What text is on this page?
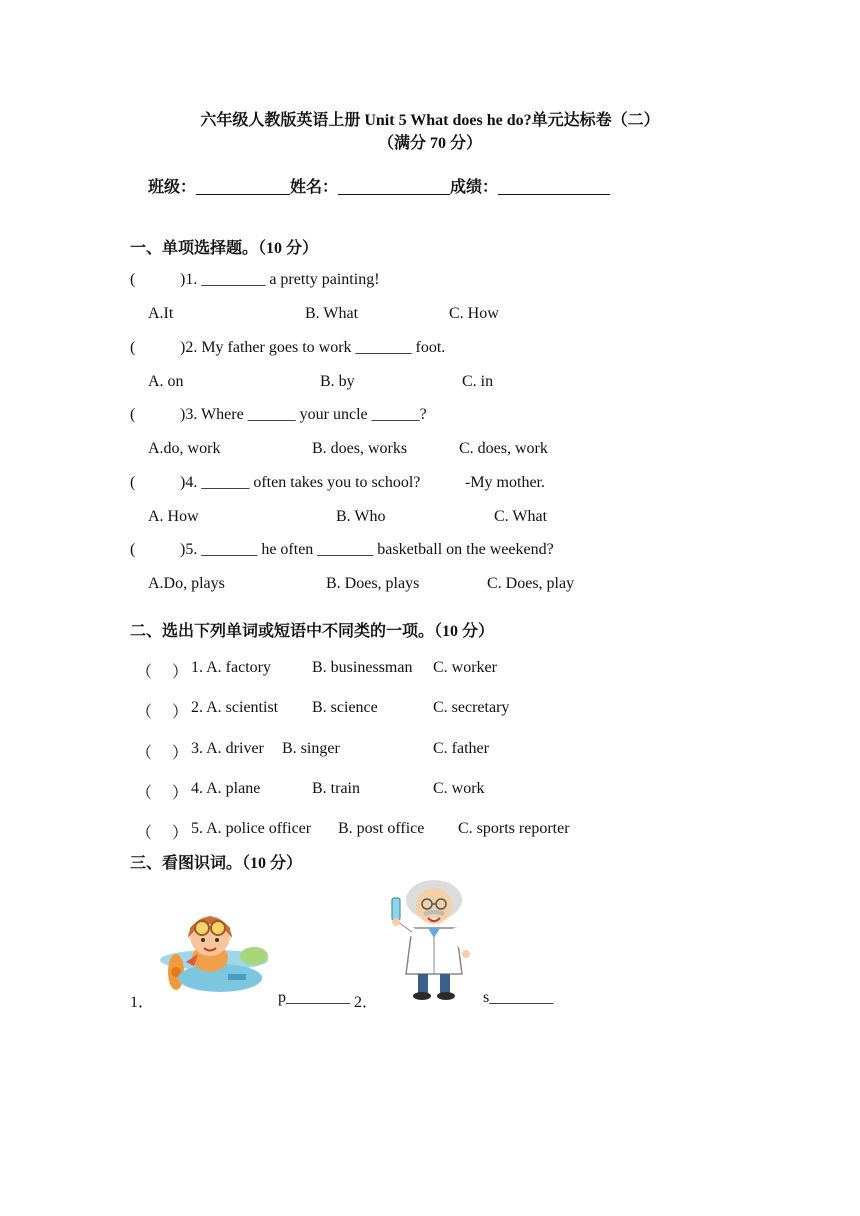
六年级人教版英语上册 Unit 5 What does he do?单元达标卷（二）
（满分 70 分）
班级：	姓名：	成绩：
一、单项选择题。（10 分）
(	)1. ________ a pretty painting!
A.It	B. What	C. How
(	)2. My father goes to work _______ foot.
A. on	B. by	C. in
(	)3. Where ______ your uncle ______?
A.do, work	B. does, works	C. does, work
(	)4. ______ often takes you to school?	-My mother.
A. How	B. Who	C. What
(	)5. _______ he often _______ basketball on the weekend?
A.Do, plays	B. Does, plays	C. Does, play
二、选出下列单词或短语中不同类的一项。（10 分）
（ ） 1. A. factory	B. businessman C. worker
（ ） 2. A. scientist B. science	C. secretary
（ ） 3. A. driver B. singer	C. father
（ ） 4. A. plane	B. train	C. work
（ ） 5. A. police officer B. post office C. sports reporter
三、看图识词。（10 分）
1．	p________ 2．	s________
